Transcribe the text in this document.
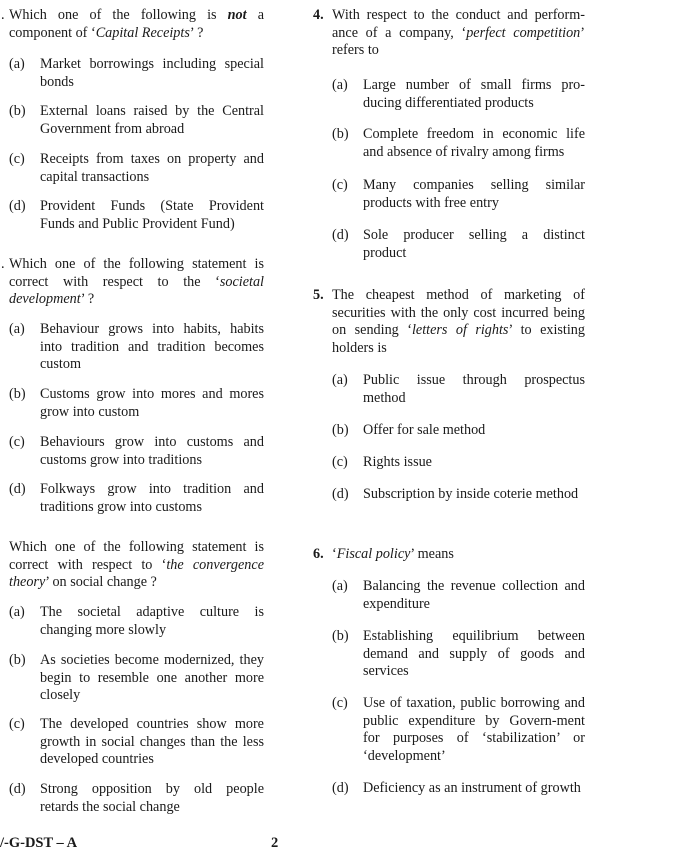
. Which one of the following is not a component of ‘Capital Receipts’ ?

(a) Market borrowings including special bonds
(b) External loans raised by the Central Government from abroad
(c) Receipts from taxes on property and capital transactions
(d) Provident Funds (State Provident Funds and Public Provident Fund)
. Which one of the following statement is correct with respect to the ‘societal development’ ?

(a) Behaviour grows into habits, habits into tradition and tradition becomes custom
(b) Customs grow into mores and mores grow into custom
(c) Behaviours grow into customs and customs grow into traditions
(d) Folkways grow into tradition and traditions grow into customs

Which one of the following statement is correct with respect to ‘the convergence theory’ on social change ?

(a) The societal adaptive culture is changing more slowly
(b) As societies become modernized, they begin to resemble one another more closely
(c) The developed countries show more growth in social changes than the less developed countries
(d) Strong opposition by old people retards the social change
4. With respect to the conduct and perform-ance of a company, ‘perfect competition’ refers to

(a) Large number of small firms pro-ducing differentiated products
(b) Complete freedom in economic life and absence of rivalry among firms
(c) Many companies selling similar products with free entry
(d) Sole producer selling a distinct product
5. The cheapest method of marketing of securities with the only cost incurred being on sending ‘letters of rights’ to existing holders is

(a) Public issue through prospectus method
(b) Offer for sale method
(c) Rights issue
(d) Subscription by inside coterie method
6. ‘Fiscal policy’ means

(a) Balancing the revenue collection and expenditure
(b) Establishing equilibrium between demand and supply of goods and services
(c) Use of taxation, public borrowing and public expenditure by Govern-ment for purposes of ‘stabilization’ or ‘development’
(d) Deficiency as an instrument of growth
/-G-DST – A	2
